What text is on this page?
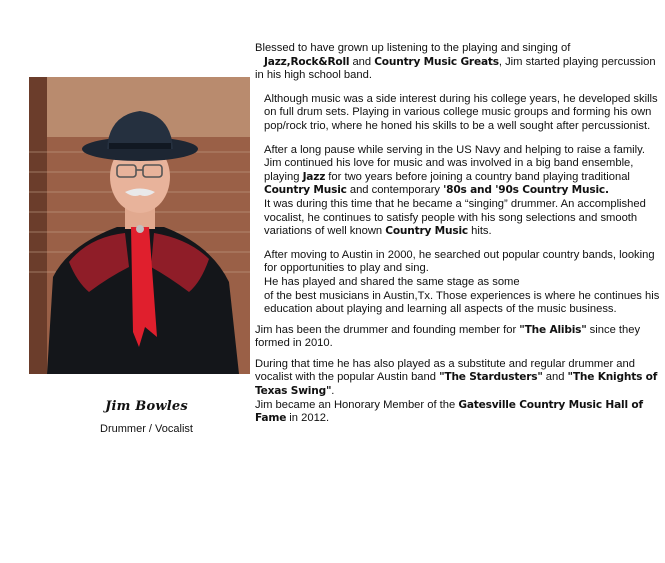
Jim Bowles
Drummer / Vocalist

Blessed to have grown up listening to the playing and singing of
Jazz,Rock&Roll and Country Music Greats, Jim started playing percussion in his high school band.

Although music was a side interest during his college years, he developed skills on full drum sets. Playing in various college music groups and forming his own pop/rock trio, where he honed his skills to be a well sought after percussionist.

After a long pause while serving in the US Navy and helping to raise a family. Jim continued his love for music and was involved in a big band ensemble, playing Jazz for two years before joining a country band playing traditional Country Music and contemporary '80s and '90s Country Music.
It was during this time that he became a “singing” drummer. An accomplished vocalist, he continues to satisfy people with his song selections and smooth variations of well known Country Music hits.

After moving to Austin in 2000, he searched out popular country bands, looking for opportunities to play and sing.
He has played and shared the same stage as some
of the best musicians in Austin,Tx. Those experiences is where he continues his education about playing and learning all aspects of the music business.

Jim has been the drummer and founding member for "The Alibis" since they formed in 2010.

During that time he has also played as a substitute and regular drummer and vocalist with the popular Austin band "The Stardusters" and "The Knights of Texas Swing".

Jim became an Honorary Member of the Gatesville Country Music Hall of Fame in 2012.
